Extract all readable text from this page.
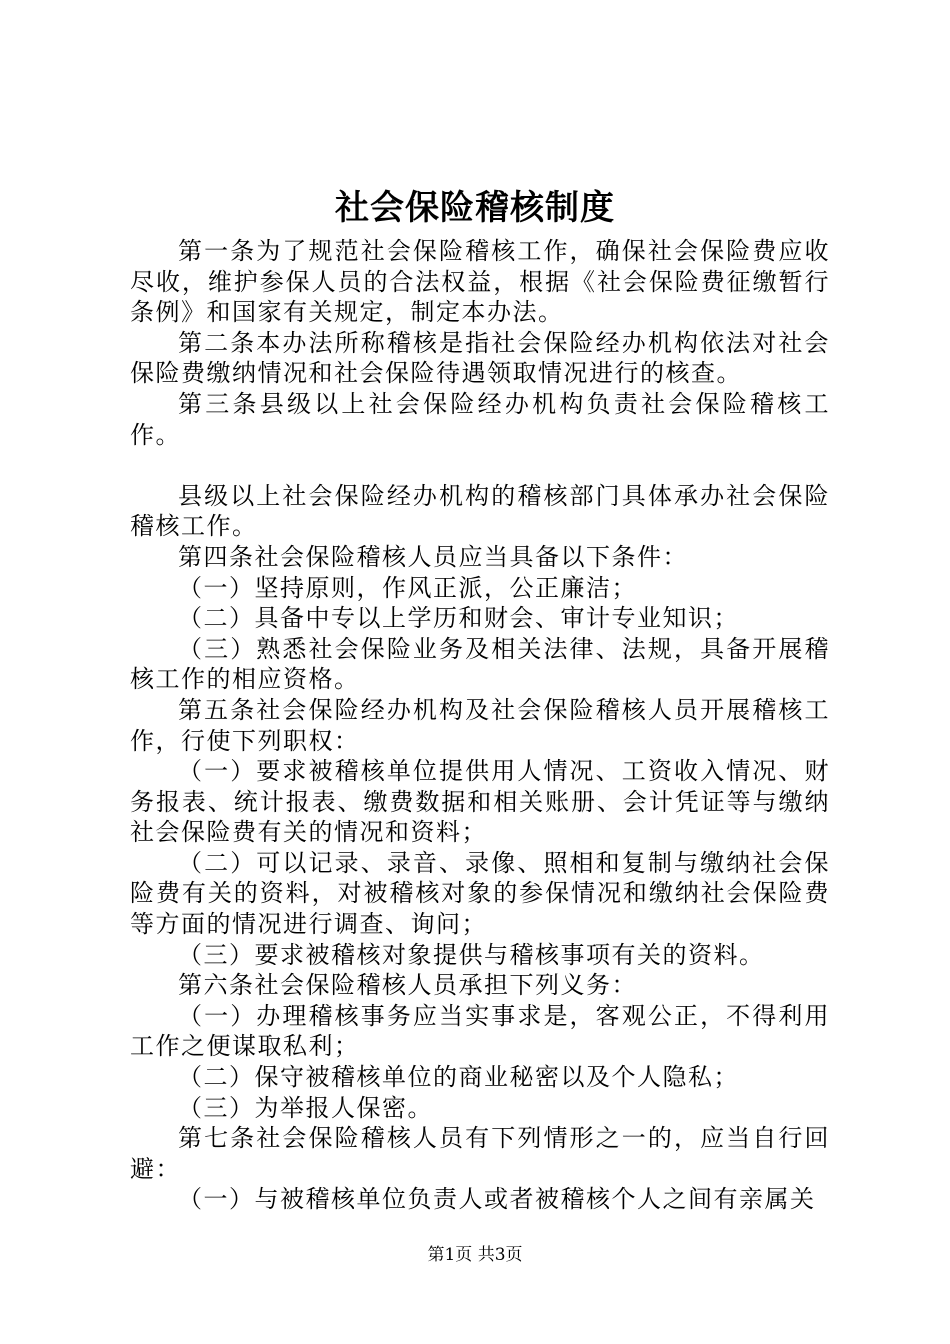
社会保险稽核制度

第一条为了规范社会保险稽核工作，确保社会保险费应收尽收，维护参保人员的合法权益，根据《社会保险费征缴暂行条例》和国家有关规定，制定本办法。

第二条本办法所称稽核是指社会保险经办机构依法对社会保险费缴纳情况和社会保险待遇领取情况进行的核查。

第三条县级以上社会保险经办机构负责社会保险稽核工作。

县级以上社会保险经办机构的稽核部门具体承办社会保险稽核工作。

第四条社会保险稽核人员应当具备以下条件：

（一）坚持原则，作风正派，公正廉洁；

（二）具备中专以上学历和财会、审计专业知识；

（三）熟悉社会保险业务及相关法律、法规，具备开展稽核工作的相应资格。

第五条社会保险经办机构及社会保险稽核人员开展稽核工作，行使下列职权：

（一）要求被稽核单位提供用人情况、工资收入情况、财务报表、统计报表、缴费数据和相关账册、会计凭证等与缴纳社会保险费有关的情况和资料；

（二）可以记录、录音、录像、照相和复制与缴纳社会保险费有关的资料，对被稽核对象的参保情况和缴纳社会保险费等方面的情况进行调查、询问；

（三）要求被稽核对象提供与稽核事项有关的资料。

第六条社会保险稽核人员承担下列义务：

（一）办理稽核事务应当实事求是，客观公正，不得利用工作之便谋取私利；

（二）保守被稽核单位的商业秘密以及个人隐私；

（三）为举报人保密。

第七条社会保险稽核人员有下列情形之一的，应当自行回避：

（一）与被稽核单位负责人或者被稽核个人之间有亲属关

第1页 共3页
